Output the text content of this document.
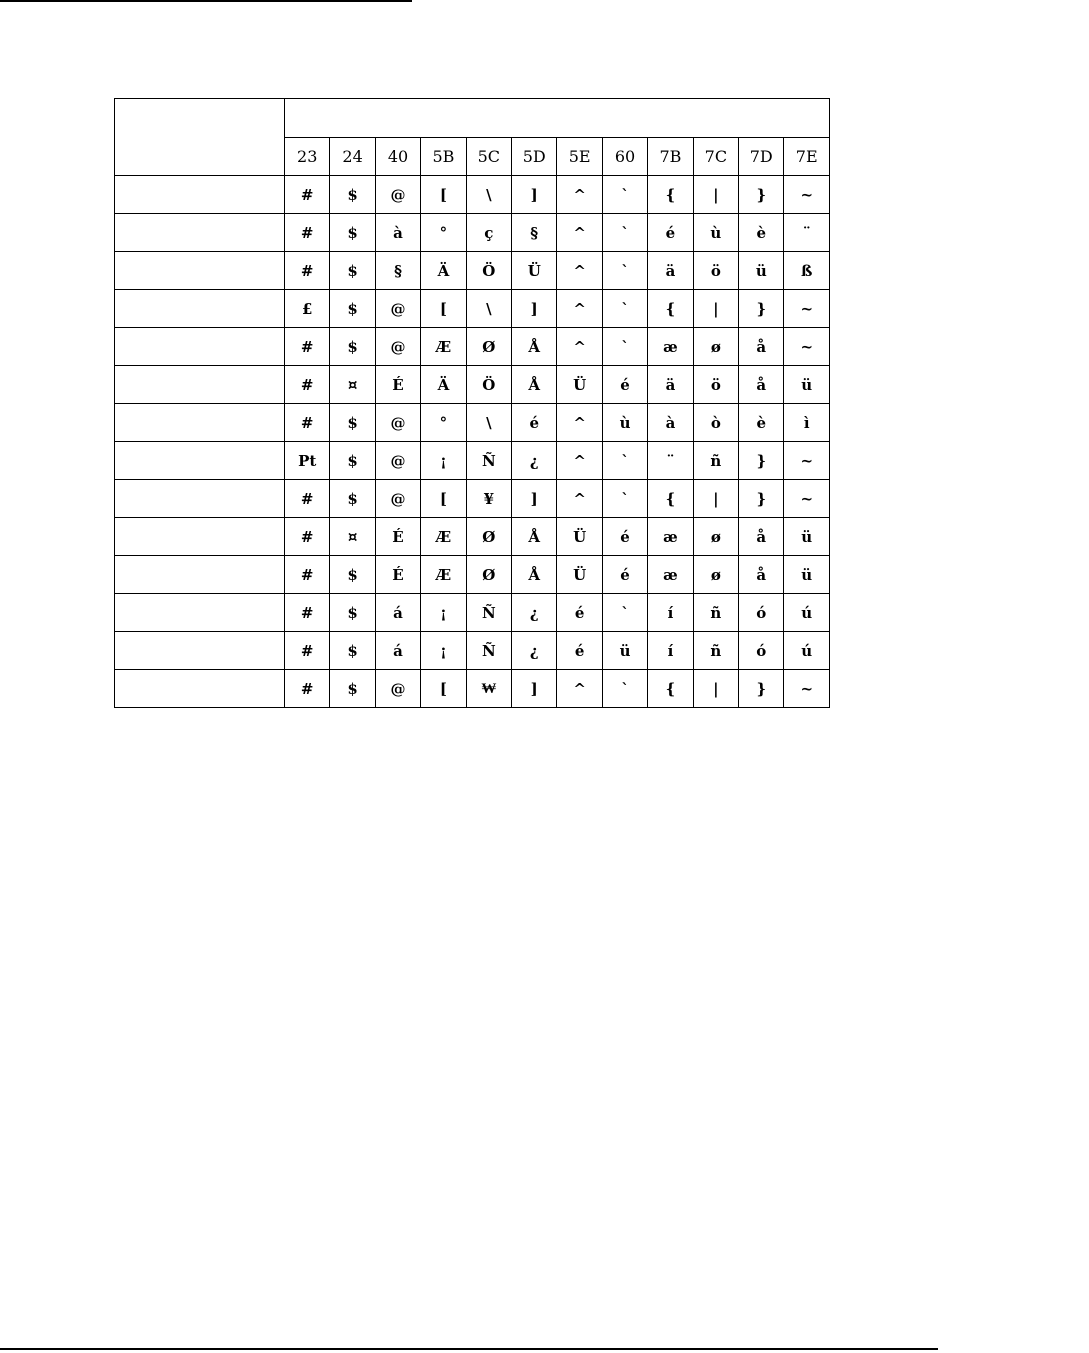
	23	24	40	5B	5C	5D	5E	60	7B	7C	7D	7E
	#	$	@	[	\	]	^	`	{	|	}	~
	#	$	à	°	ç	§	^	`	é	ù	è	¨
	#	$	§	Ä	Ö	Ü	^	`	ä	ö	ü	ß
	£	$	@	[	\	]	^	`	{	|	}	~
	#	$	@	Æ	Ø	Å	^	`	æ	ø	å	~
	#	¤	É	Ä	Ö	Å	Ü	é	ä	ö	å	ü
	#	$	@	°	\	é	^	ù	à	ò	è	ì
	Pt	$	@	¡	Ñ	¿	^	`	¨	ñ	}	~
	#	$	@	[	¥	]	^	`	{	|	}	~
	#	¤	É	Æ	Ø	Å	Ü	é	æ	ø	å	ü
	#	$	É	Æ	Ø	Å	Ü	é	æ	ø	å	ü
	#	$	á	¡	Ñ	¿	é	`	í	ñ	ó	ú
	#	$	á	¡	Ñ	¿	é	ü	í	ñ	ó	ú
	#	$	@	[	₩	]	^	`	{	|	}	~
